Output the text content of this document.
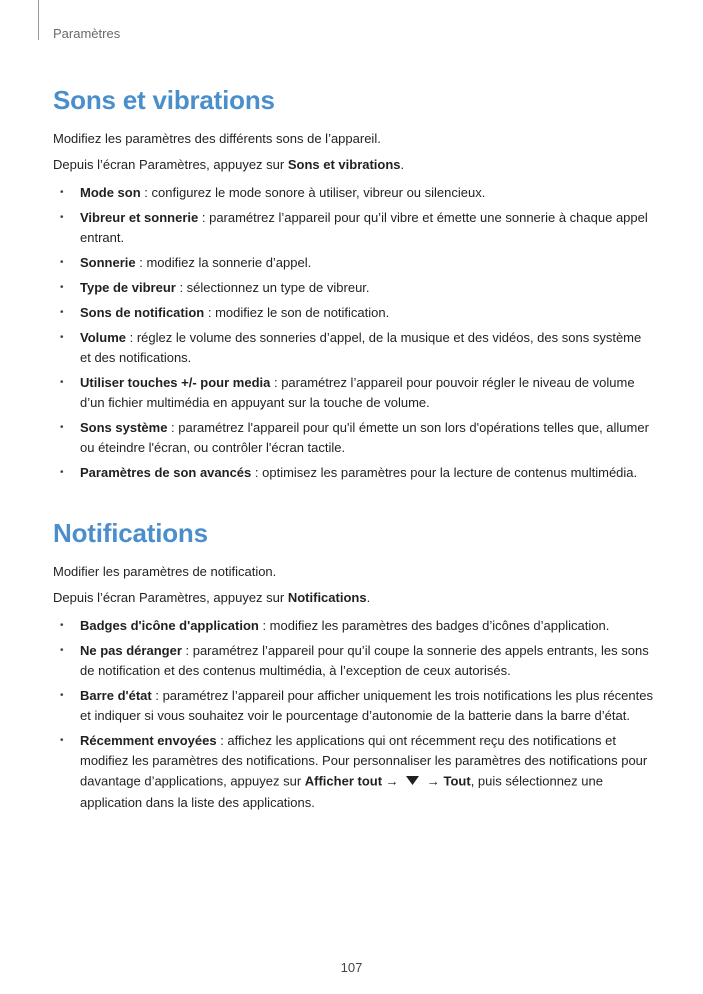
Paramètres
Sons et vibrations

Modifiez les paramètres des différents sons de l’appareil.

Depuis l’écran Paramètres, appuyez sur Sons et vibrations.

• Mode son : configurez le mode sonore à utiliser, vibreur ou silencieux.
• Vibreur et sonnerie : paramétrez l’appareil pour qu’il vibre et émette une sonnerie à chaque appel entrant.
• Sonnerie : modifiez la sonnerie d’appel.
• Type de vibreur : sélectionnez un type de vibreur.
• Sons de notification : modifiez le son de notification.
• Volume : réglez le volume des sonneries d’appel, de la musique et des vidéos, des sons système et des notifications.
• Utiliser touches +/- pour media : paramétrez l’appareil pour pouvoir régler le niveau de volume d’un fichier multimédia en appuyant sur la touche de volume.
• Sons système : paramétrez l'appareil pour qu'il émette un son lors d'opérations telles que, allumer ou éteindre l'écran, ou contrôler l'écran tactile.
• Paramètres de son avancés : optimisez les paramètres pour la lecture de contenus multimédia.
Notifications

Modifier les paramètres de notification.

Depuis l’écran Paramètres, appuyez sur Notifications.

• Badges d'icône d'application : modifiez les paramètres des badges d’icônes d’application.
• Ne pas déranger : paramétrez l’appareil pour qu’il coupe la sonnerie des appels entrants, les sons de notification et des contenus multimédia, à l’exception de ceux autorisés.
• Barre d'état : paramétrez l’appareil pour afficher uniquement les trois notifications les plus récentes et indiquer si vous souhaitez voir le pourcentage d’autonomie de la batterie dans la barre d’état.
• Récemment envoyées : affichez les applications qui ont récemment reçu des notifications et modifiez les paramètres des notifications. Pour personnaliser les paramètres des notifications pour davantage d’applications, appuyez sur Afficher tout →  → Tout, puis sélectionnez une application dans la liste des applications.
107
